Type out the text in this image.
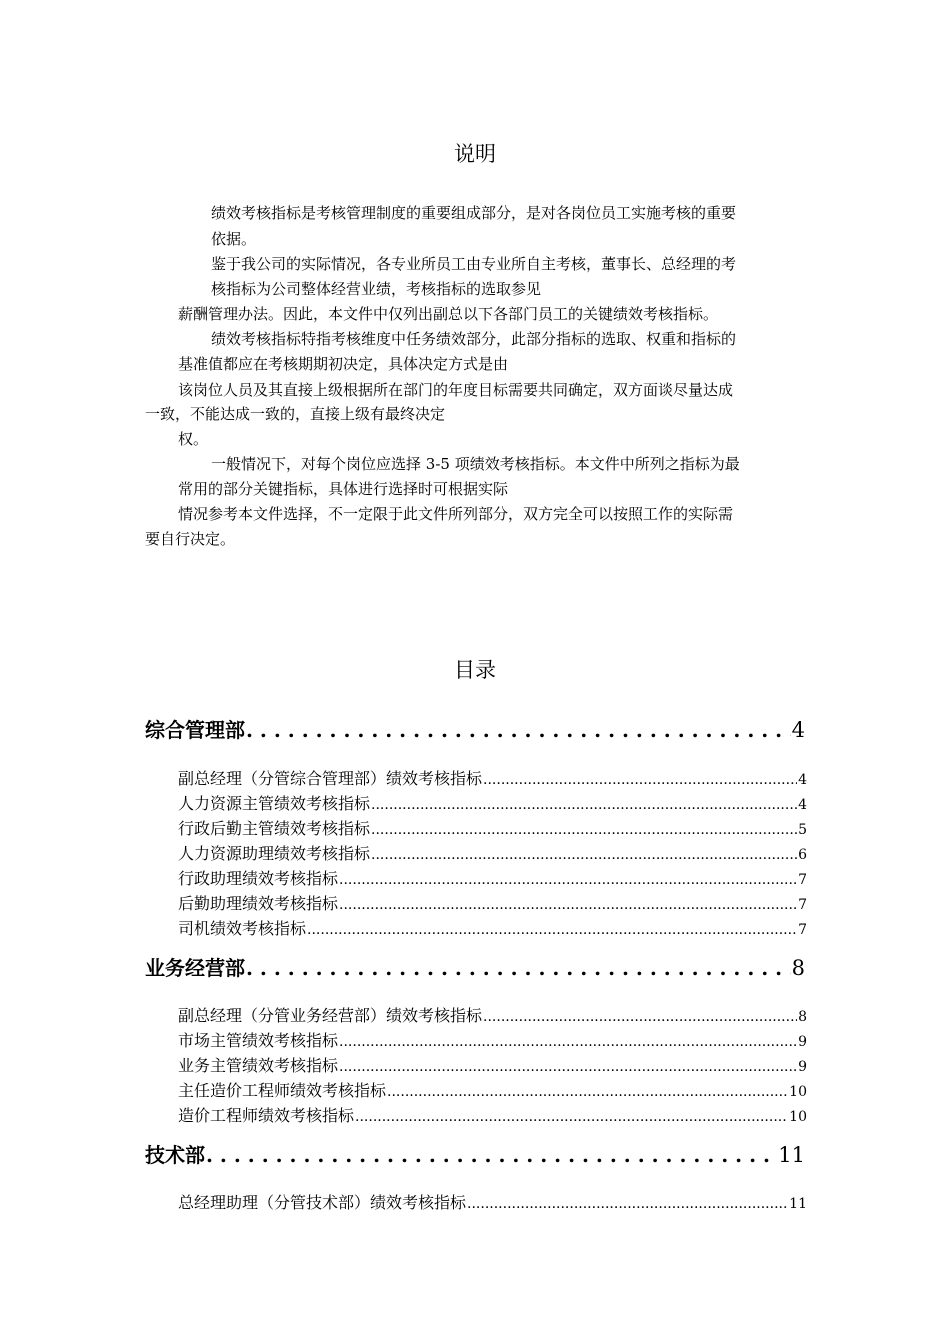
说明
绩效考核指标是考核管理制度的重要组成部分，是对各岗位员工实施考核的重要
依据。
鉴于我公司的实际情况，各专业所员工由专业所自主考核，董事长、总经理的考
核指标为公司整体经营业绩，考核指标的选取参见
薪酬管理办法。因此，本文件中仅列出副总以下各部门员工的关键绩效考核指标。
绩效考核指标特指考核维度中任务绩效部分，此部分指标的选取、权重和指标的
基准值都应在考核期期初决定，具体决定方式是由
该岗位人员及其直接上级根据所在部门的年度目标需要共同确定，双方面谈尽量达成
一致，不能达成一致的，直接上级有最终决定
权。
一般情况下，对每个岗位应选择 3-5 项绩效考核指标。本文件中所列之指标为最
常用的部分关键指标，具体进行选择时可根据实际
情况参考本文件选择，不一定限于此文件所列部分，双方完全可以按照工作的实际需
要自行决定。
目录
综合管理部 . . .	4
副总经理（分管综合管理部）绩效考核指标 .....	4
人力资源主管绩效考核指标 .....	4
行政后勤主管绩效考核指标 .....	5
人力资源助理绩效考核指标 .....	6
行政助理绩效考核指标 .....	7
后勤助理绩效考核指标 .....	7
司机绩效考核指标 .....	7
业务经营部 . . .	8
副总经理（分管业务经营部）绩效考核指标 .....	8
市场主管绩效考核指标 .....	9
业务主管绩效考核指标 .....	9
主任造价工程师绩效考核指标 .....	10
造价工程师绩效考核指标 .....	10
技术部 . . .	11
总经理助理（分管技术部）绩效考核指标 .....	11
